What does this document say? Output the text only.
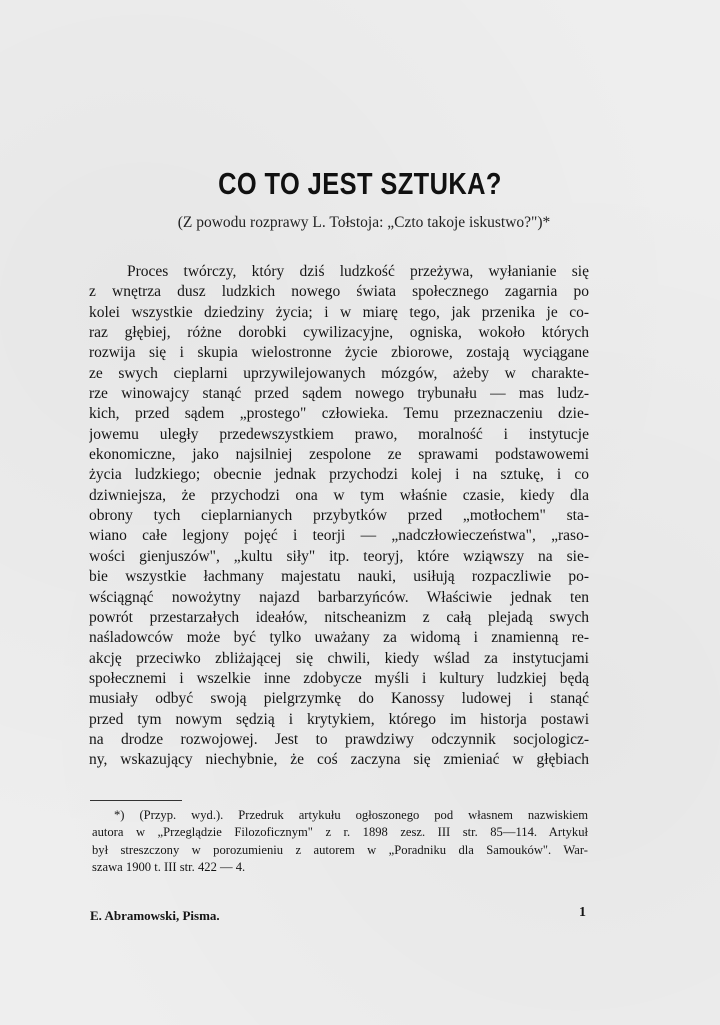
CO TO JEST SZTUKA?
(Z powodu rozprawy L. Tołstoja: „Czto takoje iskustwo?")*
Proces twórczy, który dziś ludzkość przeżywa, wyłanianie się
z wnętrza dusz ludzkich nowego świata społecznego zagarnia po
kolei wszystkie dziedziny życia; i w miarę tego, jak przenika je co-
raz głębiej, różne dorobki cywilizacyjne, ogniska, wokoło których
rozwija się i skupia wielostronne życie zbiorowe, zostają wyciągane
ze swych cieplarni uprzywilejowanych mózgów, ażeby w charakte-
rze winowajcy stanąć przed sądem nowego trybunału — mas ludz-
kich, przed sądem „prostego" człowieka. Temu przeznaczeniu dzie-
jowemu uległy przedewszystkiem prawo, moralność i instytucje
ekonomiczne, jako najsilniej zespolone ze sprawami podstawowemi
życia ludzkiego; obecnie jednak przychodzi kolej i na sztukę, i co
dziwniejsza, że przychodzi ona w tym właśnie czasie, kiedy dla
obrony tych cieplarnianych przybytków przed „motłochem" sta-
wiano całe legjony pojęć i teorji — „nadczłowieczeństwa", „raso-
wości gienjuszów", „kultu siły" itp. teoryj, które wziąwszy na sie-
bie wszystkie łachmany majestatu nauki, usiłują rozpaczliwie po-
wściągnąć nowożytny najazd barbarzyńców. Właściwie jednak ten
powrót przestarzałych ideałów, nitscheanizm z całą plejadą swych
naśladowców może być tylko uważany za widomą i znamienną re-
akcję przeciwko zbliżającej się chwili, kiedy wślad za instytucjami
społecznemi i wszelkie inne zdobycze myśli i kultury ludzkiej będą
musiały odbyć swoją pielgrzymkę do Kanossy ludowej i stanąć
przed tym nowym sędzią i krytykiem, którego im historja postawi
na drodze rozwojowej. Jest to prawdziwy odczynnik socjologicz-
ny, wskazujący niechybnie, że coś zaczyna się zmieniać w głębiach
*) (Przyp. wyd.). Przedruk artykułu ogłoszonego pod własnem nazwiskiem
autora w „Przeglądzie Filozoficznym" z r. 1898 zesz. III str. 85—114. Artykuł
był streszczony w porozumieniu z autorem w „Poradniku dla Samouków". War-
szawa 1900 t. III str. 422 — 4.
E. Abramowski, Pisma.	1
